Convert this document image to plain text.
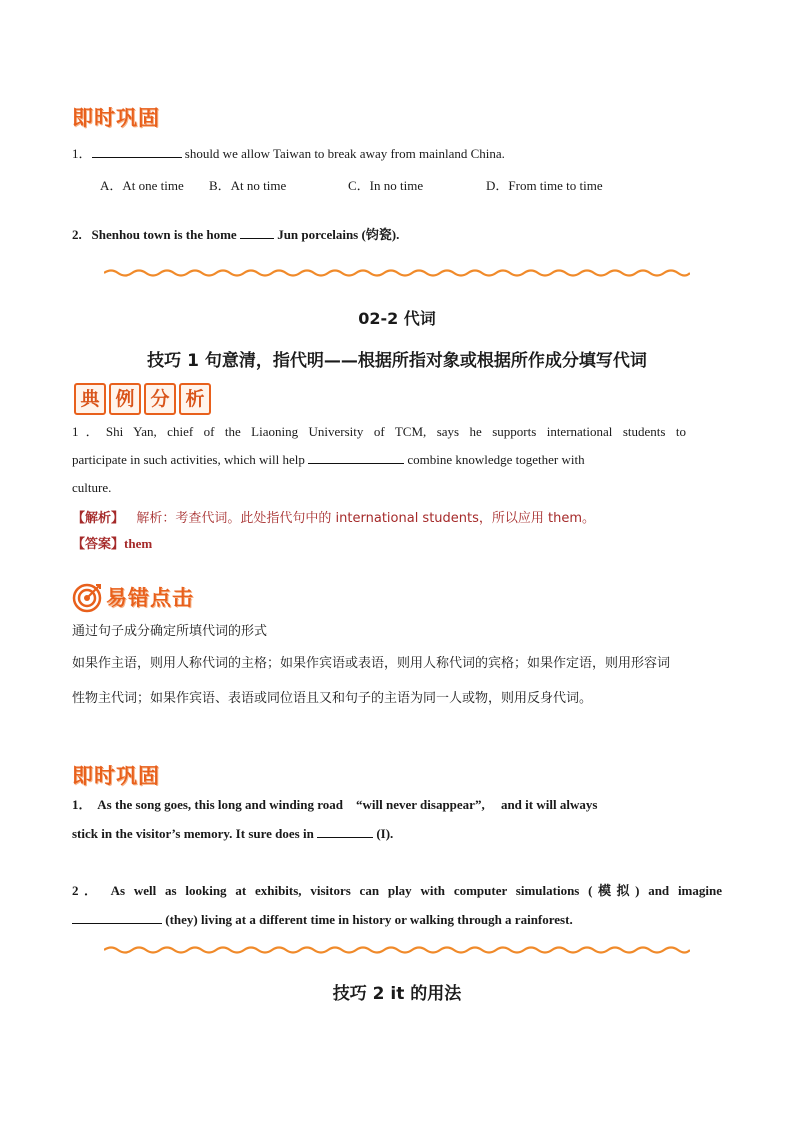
即时巩固
1．	should we allow Taiwan to break away from mainland China.
A．At one time B．At no time	C．In no time	D．From time to time
2. Shenhou town is the home	Jun porcelains (钧瓷).
02-2 代词
技巧 1 句意清，指代明——根据所指对象或根据所作成分填写代词
典 例 分 析
1．Shi Yan, chief of the Liaoning University of TCM, says he supports international students to
participate in such activities, which will help	combine knowledge together with
culture.
【解析】 解析：考查代词。此处指代句中的 international students，所以应用 them。
【答案】them
易错点击
通过句子成分确定所填代词的形式
如果作主语，则用人称代词的主格；如果作宾语或表语，则用人称代词的宾格；如果作定语，则用形容词
性物主代词；如果作宾语、表语或同位语且又和句子的主语为同一人或物，则用反身代词。
即时巩固
1．  As the song goes, this long and winding road    “will never disappear”,     and it will always
stick in the visitor’s memory. It sure does in	(I).
2． As well as looking at exhibits, visitors can play with computer simulations (模拟) and imagine
(they) living at a different time in history or walking through a rainforest.
技巧 2 it 的用法
